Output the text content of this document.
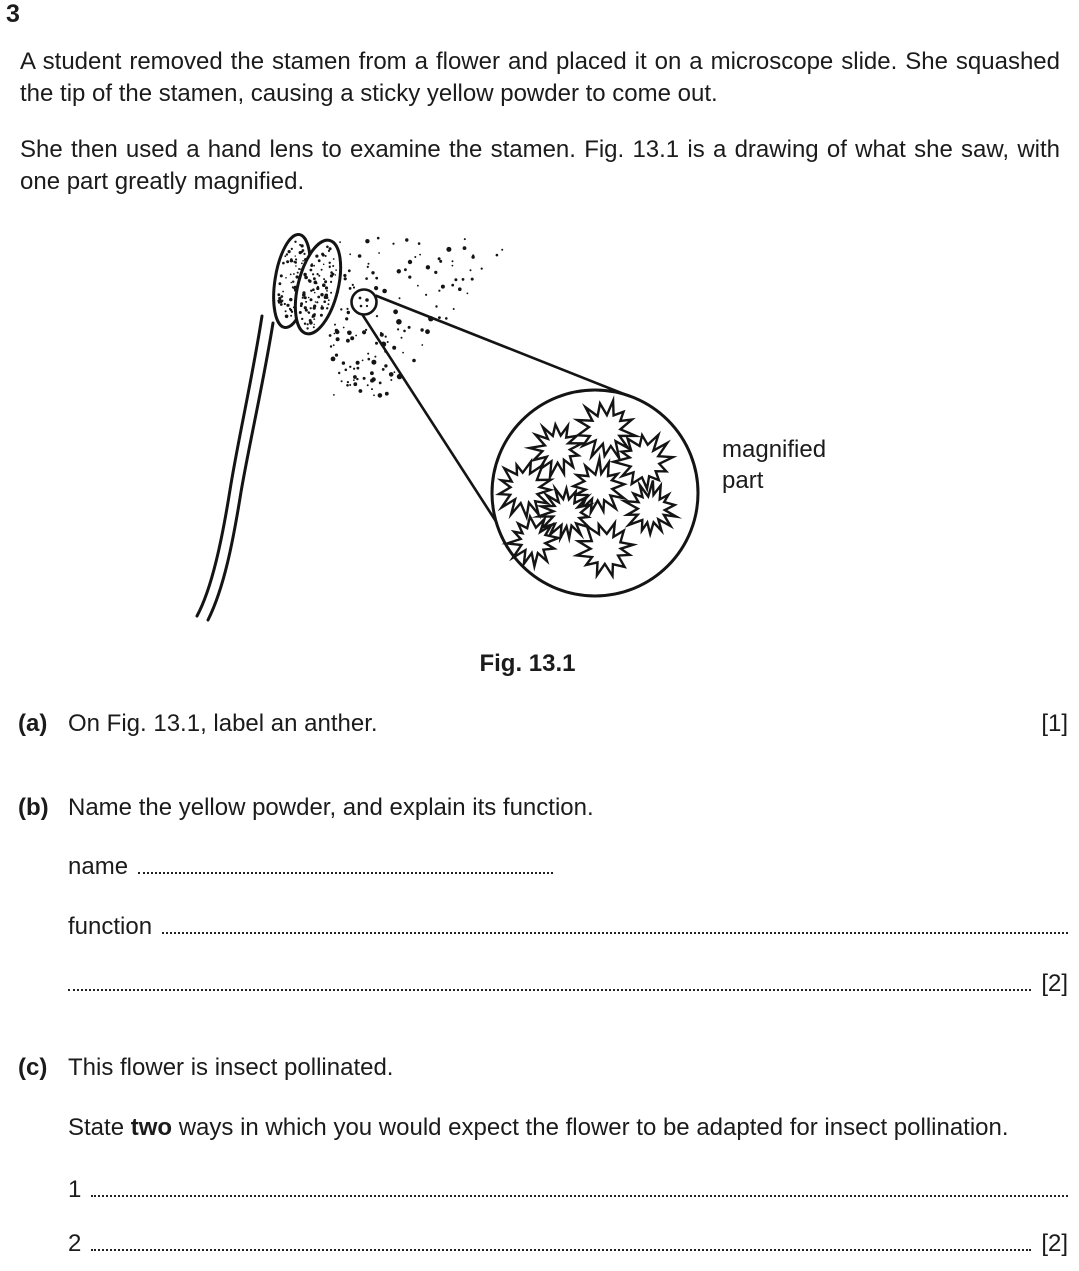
3

A student removed the stamen from a flower and placed it on a microscope slide. She squashed the tip of the stamen, causing a sticky yellow powder to come out.

She then used a hand lens to examine the stamen. Fig. 13.1 is a drawing of what she saw, with one part greatly magnified.

magnified
part
Fig. 13.1
(a) On Fig. 13.1, label an anther.	[1]
(b) Name the yellow powder, and explain its function.
name
function
[2]
(c) This flower is insect pollinated.
State two ways in which you would expect the flower to be adapted for insect pollination.
1
2	[2]
